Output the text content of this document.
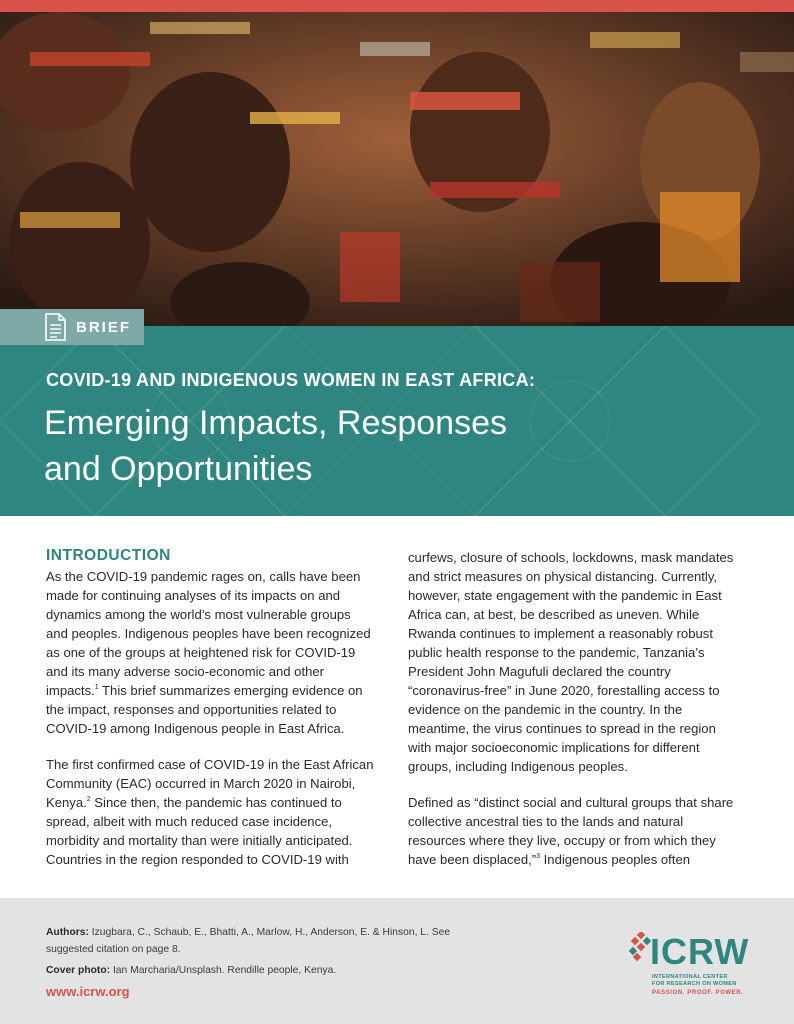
BRIEF
COVID-19 AND INDIGENOUS WOMEN IN EAST AFRICA:
Emerging Impacts, Responses
and Opportunities
INTRODUCTION

As the COVID-19 pandemic rages on, calls have been made for continuing analyses of its impacts on and dynamics among the world’s most vulnerable groups and peoples. Indigenous peoples have been recognized as one of the groups at heightened risk for COVID-19 and its many adverse socio-economic and other impacts.$^1$ This brief summarizes emerging evidence on the impact, responses and opportunities related to COVID-19 among Indigenous people in East Africa.

The first confirmed case of COVID-19 in the East African Community (EAC) occurred in March 2020 in Nairobi, Kenya.$^2$ Since then, the pandemic has continued to spread, albeit with much reduced case incidence, morbidity and mortality than were initially anticipated. Countries in the region responded to COVID-19 with

curfews, closure of schools, lockdowns, mask mandates and strict measures on physical distancing. Currently, however, state engagement with the pandemic in East Africa can, at best, be described as uneven. While Rwanda continues to implement a reasonably robust public health response to the pandemic, Tanzania’s President John Magufuli declared the country “coronavirus-free” in June 2020, forestalling access to evidence on the pandemic in the country. In the meantime, the virus continues to spread in the region with major socioeconomic implications for different groups, including Indigenous peoples.

Defined as “distinct social and cultural groups that share collective ancestral ties to the lands and natural resources where they live, occupy or from which they have been displaced,”$^3$ Indigenous peoples often

Authors: Izugbara, C., Schaub, E., Bhatti, A., Marlow, H., Anderson, E. & Hinson, L. See suggested citation on page 8.

Cover photo: Ian Marcharia/Unsplash. Rendille people, Kenya.

www.icrw.org
ICRW
INTERNATIONAL CENTER
FOR RESEARCH ON WOMEN
PASSION. PROOF. POWER.
